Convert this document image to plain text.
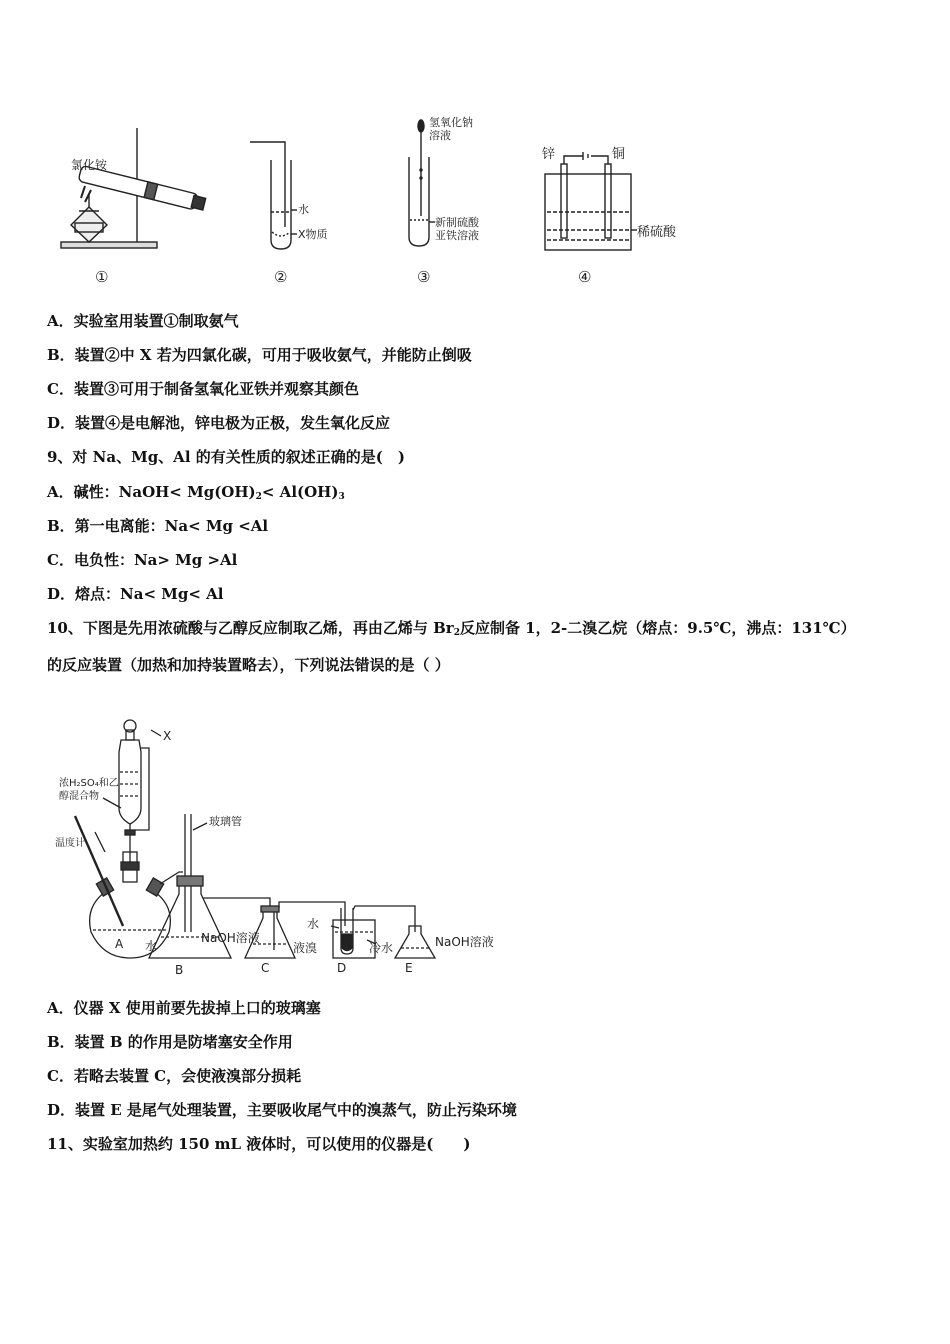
氯化铵
水
X物质
氢氧化钠
溶液
新制硫酸
亚铁溶液
锌	铜
稀硫酸
①	②	③	④
A．实验室用装置①制取氨气
B．装置②中 X 若为四氯化碳，可用于吸收氨气，并能防止倒吸
C．装置③可用于制备氢氧化亚铁并观察其颜色
D．装置④是电解池，锌电极为正极，发生氧化反应
9、对 Na、Mg、Al 的有关性质的叙述正确的是(　)
A．碱性：NaOH< $Mg(OH)_2< Al(OH)_3$
B．第一电离能：Na< Mg <Al
C．电负性：Na> Mg >Al
D．熔点：Na< Mg< Al
10、下图是先用浓硫酸与乙醇反应制取乙烯，再由乙烯与 $Br_2$反应制备 1，2-二溴乙烷（熔点：9.5℃，沸点：131℃）
的反应装置（加热和加持装置略去），下列说法错误的是（ ）
X
浓H₂SO₄和乙
醇混合物
温度计
玻璃管
A 水
B
NaOH溶液
C
水
液溴	冷水
D	E
NaOH溶液
A．仪器 X 使用前要先拔掉上口的玻璃塞
B．装置 B 的作用是防堵塞安全作用
C．若略去装置 C，会使液溴部分损耗
D．装置 E 是尾气处理装置，主要吸收尾气中的溴蒸气，防止污染环境
11、实验室加热约 150 mL 液体时，可以使用的仪器是(　　)
